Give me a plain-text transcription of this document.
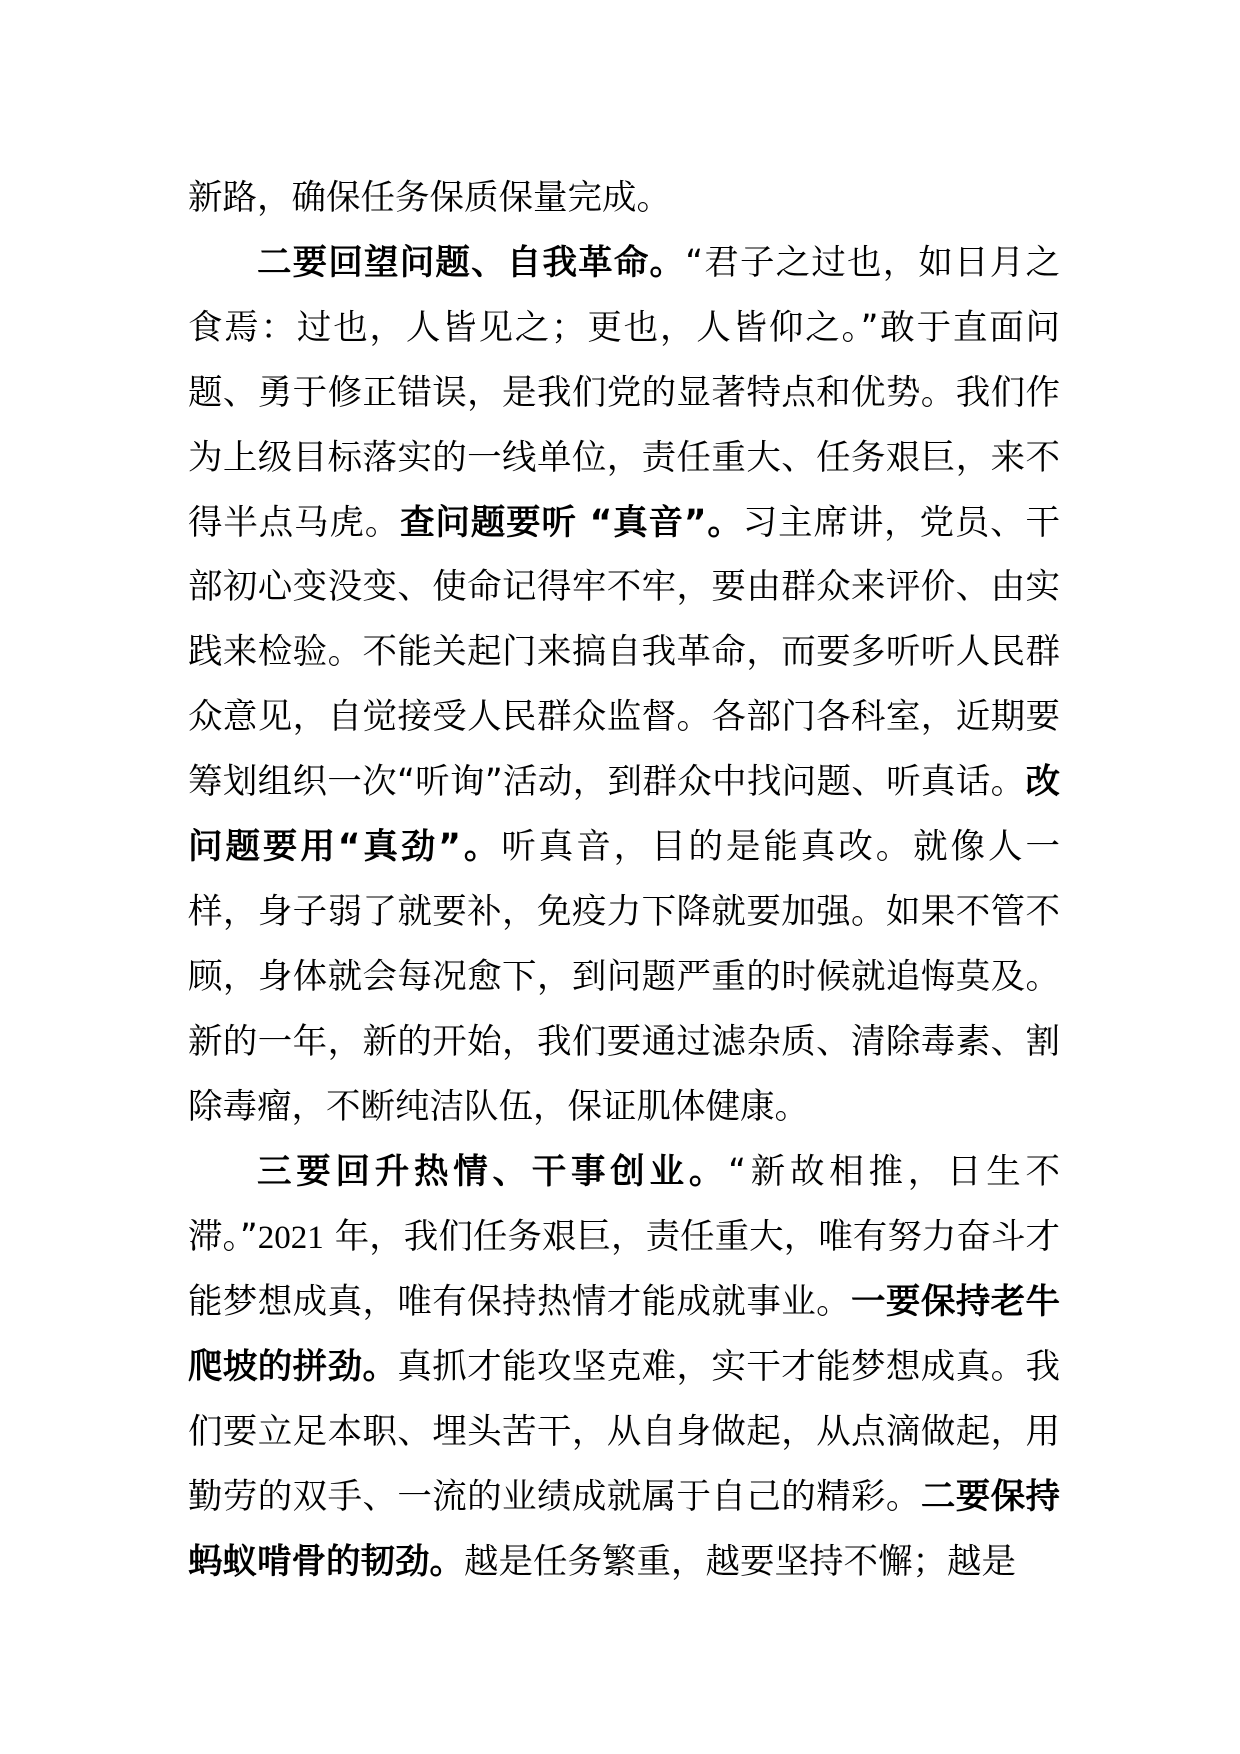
新路，确保任务保质保量完成。

二要回望问题、自我革命。“君子之过也，如日月之食焉：过也，人皆见之；更也，人皆仰之。”敢于直面问题、勇于修正错误，是我们党的显著特点和优势。我们作为上级目标落实的一线单位，责任重大、任务艰巨，来不得半点马虎。查问题要听 “真音”。习主席讲，党员、干部初心变没变、使命记得牢不牢，要由群众来评价、由实践来检验。不能关起门来搞自我革命，而要多听听人民群众意见，自觉接受人民群众监督。各部门各科室，近期要筹划组织一次“听询”活动，到群众中找问题、听真话。改问题要用“真劲”。听真音，目的是能真改。就像人一样，身子弱了就要补，免疫力下降就要加强。如果不管不顾，身体就会每况愈下，到问题严重的时候就追悔莫及。新的一年，新的开始，我们要通过滤杂质、清除毒素、割除毒瘤，不断纯洁队伍，保证肌体健康。

三要回升热情、干事创业。“新故相推，日生不滞。”2021 年，我们任务艰巨，责任重大，唯有努力奋斗才能梦想成真，唯有保持热情才能成就事业。一要保持老牛爬坡的拼劲。真抓才能攻坚克难，实干才能梦想成真。我们要立足本职、埋头苦干，从自身做起，从点滴做起，用勤劳的双手、一流的业绩成就属于自己的精彩。二要保持蚂蚁啃骨的韧劲。越是任务繁重，越要坚持不懈；越是
